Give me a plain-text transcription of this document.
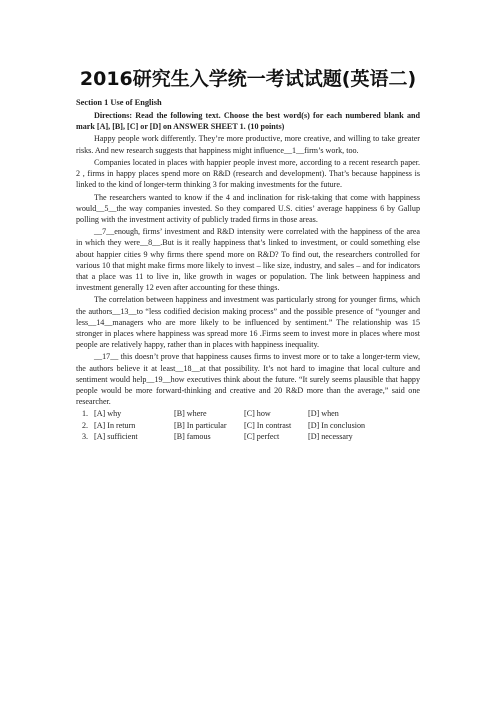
2016研究生入学统一考试试题(英语二)
Section 1 Use of English
Directions: Read the following text. Choose the best word(s) for each numbered blank and mark [A], [B], [C] or [D] on ANSWER SHEET 1. (10 points)

Happy people work differently. They’re more productive, more creative, and willing to take greater risks. And new research suggests that happiness might influence__1__firm’s work, too.

Companies located in places with happier people invest more, according to a recent research paper. 2 , firms in happy places spend more on R&D (research and development). That’s because happiness is linked to the kind of longer-term thinking 3 for making investments for the future.

The researchers wanted to know if the 4 and inclination for risk-taking that come with happiness would__5__the way companies invested. So they compared U.S. cities’ average happiness 6 by Gallup polling with the investment activity of publicly traded firms in those areas.

__7__enough, firms’ investment and R&D intensity were correlated with the happiness of the area in which they were__8__.But is it really happiness that’s linked to investment, or could something else about happier cities 9 why firms there spend more on R&D? To find out, the researchers controlled for various 10 that might make firms more likely to invest – like size, industry, and sales – and for indicators that a place was 11 to live in, like growth in wages or population. The link between happiness and investment generally 12 even after accounting for these things.

The correlation between happiness and investment was particularly strong for younger firms, which the authors__13__to “less codified decision making process” and the possible presence of “younger and less__14__managers who are more likely to be influenced by sentiment.” The relationship was 15 stronger in places where happiness was spread more 16 .Firms seem to invest more in places where most people are relatively happy, rather than in places with happiness inequality.

__17__ this doesn’t prove that happiness causes firms to invest more or to take a longer-term view, the authors believe it at least__18__at that possibility. It’s not hard to imagine that local culture and sentiment would help__19__how executives think about the future. “It surely seems plausible that happy people would be more forward-thinking and creative and 20 R&D more than the average,” said one researcher.

1. [A] why	[B] where	[C] how	[D] when
2. [A] In return	[B] In particular	[C] In contrast	[D] In conclusion
3. [A] sufficient	[B] famous	[C] perfect	[D] necessary
